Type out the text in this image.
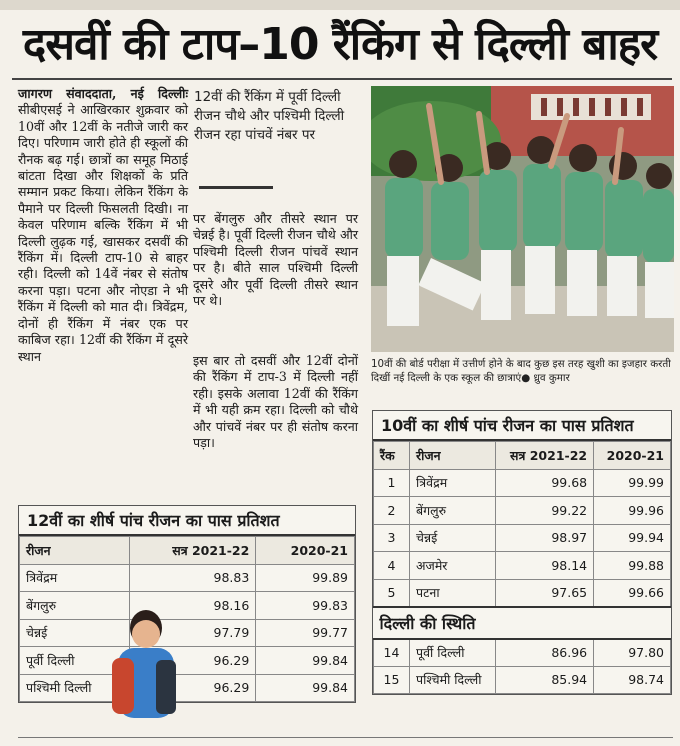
दसवीं की टाप–10 रैंकिंग से दिल्ली बाहर
जागरण संवाददाता, नई दिल्लीः सीबीएसई ने आखिरकार शुक्रवार को 10वीं और 12वीं के नतीजे जारी कर दिए। परिणाम जारी होते ही स्कूलों की रौनक बढ़ गई। छात्रों का समूह मिठाई बांटता दिखा और शिक्षकों के प्रति सम्मान प्रकट किया। लेकिन रैंकिंग के पैमाने पर दिल्ली फिसलती दिखी। ना केवल परिणाम बल्कि रैंकिंग में भी दिल्ली लुढ़क गई, खासकर दसवीं की रैंकिंग में। दिल्ली टाप-10 से बाहर रही। दिल्ली को 14वें नंबर से संतोष करना पड़ा। पटना और नोएडा ने भी रैंकिंग में दिल्ली को मात दी। त्रिवेंद्रम, दोनों ही रैंकिंग में नंबर एक पर काबिज रहा। 12वीं की रैंकिंग में दूसरे स्थान
12वीं की रैंकिंग में पूर्वी दिल्ली रीजन चौथे और पश्चिमी दिल्ली रीजन रहा पांचवें नंबर पर
पर बेंगलुरु और तीसरे स्थान पर चेन्नई है। पूर्वी दिल्ली रीजन चौथे और पश्चिमी दिल्ली रीजन पांचवें स्थान पर है। बीते साल पश्चिमी दिल्ली दूसरे और पूर्वी दिल्ली तीसरे स्थान पर थे।
इस बार तो दसवीं और 12वीं दोनों की रैंकिंग में टाप-3 में दिल्ली नहीं रही। इसके अलावा 12वीं की रैंकिंग में भी यही क्रम रहा। दिल्ली को चौथे और पांचवें नंबर पर ही संतोष करना पड़ा।
10वीं की बोर्ड परीक्षा में उत्तीर्ण होने के बाद कुछ इस तरह खुशी का इजहार करती दिखीं नई दिल्ली के एक स्कूल की छात्राएं● ध्रुव कुमार
10वीं का शीर्ष पांच रीजन का पास प्रतिशत
रैंक	रीजन	सत्र 2021-22	2020-21
1	त्रिवेंद्रम	99.68	99.99
2	बेंगलुरु	99.22	99.96
3	चेन्नई	98.97	99.94
4	अजमेर	98.14	99.88
5	पटना	97.65	99.66
दिल्ली की स्थिति			
14	पूर्वी दिल्ली	86.96	97.80
15	पश्चिमी दिल्ली	85.94	98.74
12वीं का शीर्ष पांच रीजन का पास प्रतिशत
रीजन	सत्र 2021-22	2020-21
त्रिवेंद्रम	98.83	99.89
बेंगलुरु	98.16	99.83
चेन्नई	97.79	99.77
पूर्वी दिल्ली	96.29	99.84
पश्चिमी दिल्ली	96.29	99.84
